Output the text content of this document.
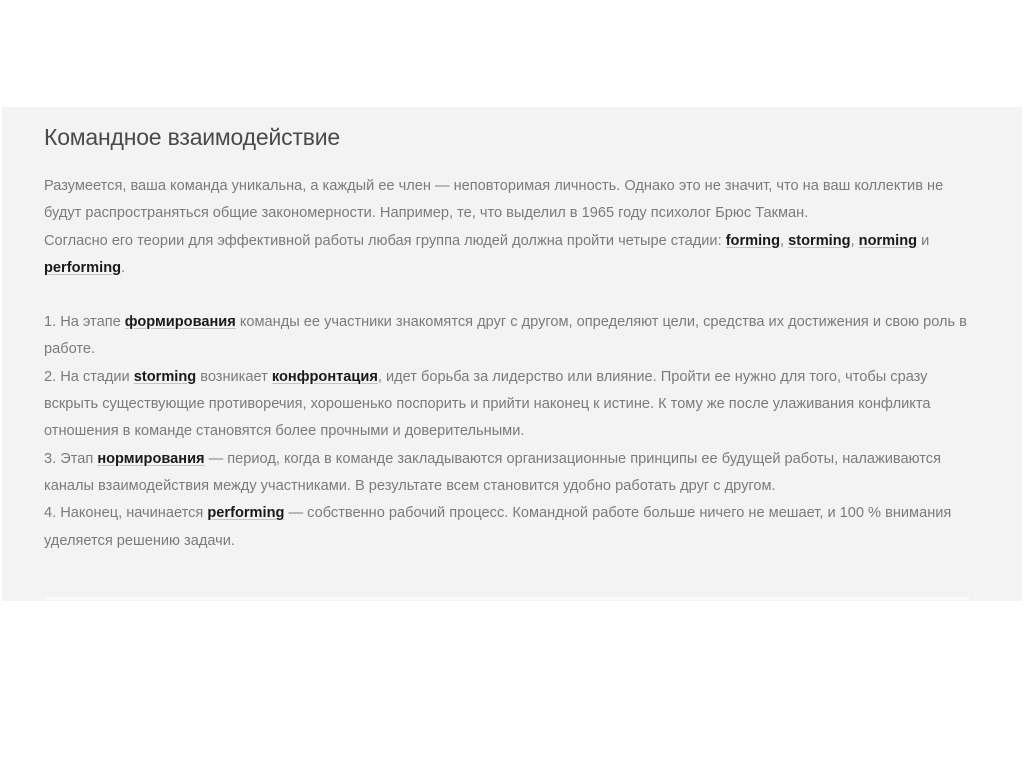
Командное взаимодействие

Разумеется, ваша команда уникальна, а каждый ее член — неповторимая личность. Однако это не значит, что на ваш коллектив не будут распространяться общие закономерности. Например, те, что выделил в 1965 году психолог Брюс Такман.
Согласно его теории для эффективной работы любая группа людей должна пройти четыре стадии: forming, storming, norming и performing.

1. На этапе формирования команды ее участники знакомятся друг с другом, определяют цели, средства их достижения и свою роль в работе.

2. На стадии storming возникает конфронтация, идет борьба за лидерство или влияние. Пройти ее нужно для того, чтобы сразу вскрыть существующие противоречия, хорошенько поспорить и прийти наконец к истине. К тому же после улаживания конфликта отношения в команде становятся более прочными и доверительными.

3. Этап нормирования — период, когда в команде закладываются организационные принципы ее будущей работы, налаживаются каналы взаимодействия между участниками. В результате всем становится удобно работать друг с другом.

4. Наконец, начинается performing — собственно рабочий процесс. Командной работе больше ничего не мешает, и 100 % внимания уделяется решению задачи.
